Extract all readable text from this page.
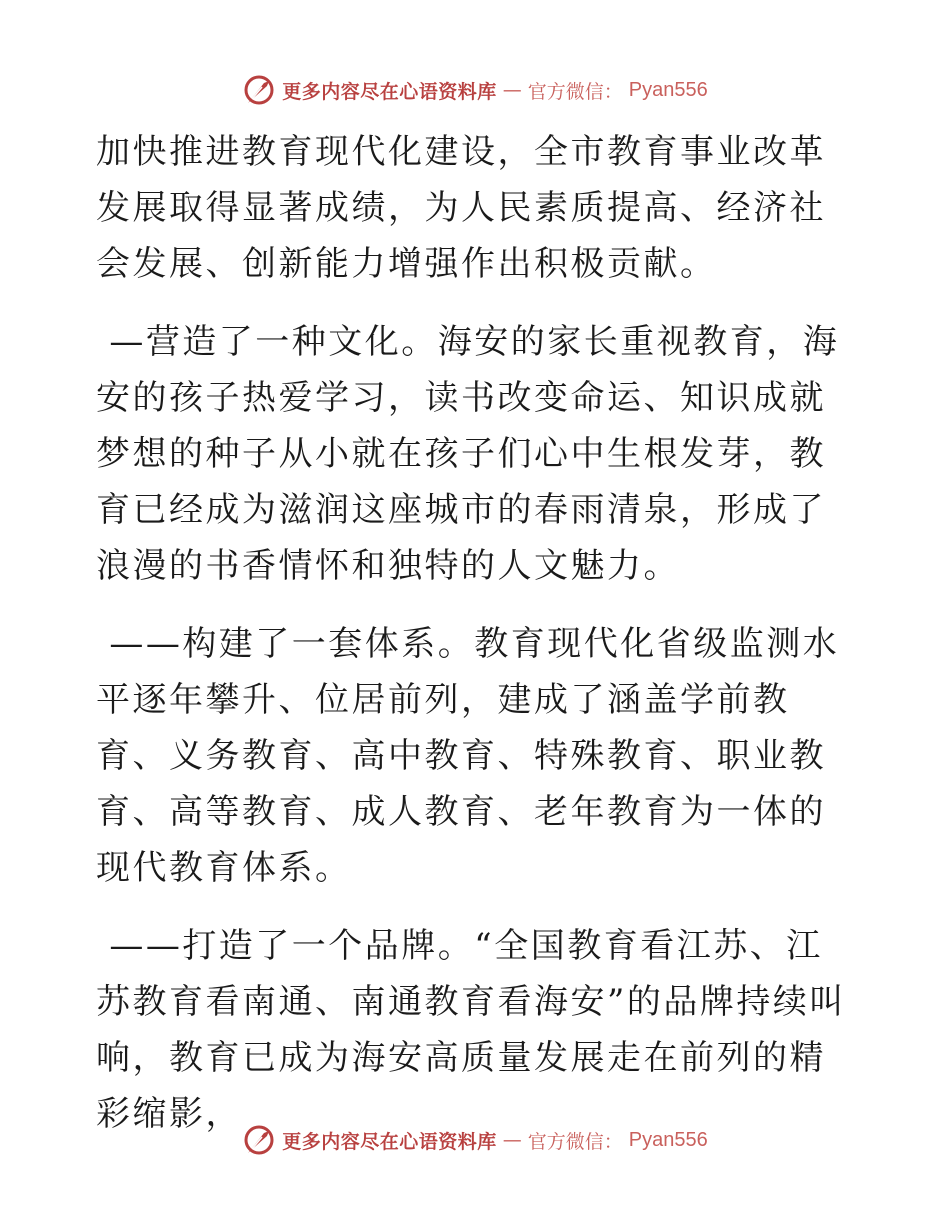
更多内容尽在心语资料库 — 官方微信： Pyan556

加快推进教育现代化建设，全市教育事业改革发展取得显著成绩，为人民素质提高、经济社会发展、创新能力增强作出积极贡献。

—营造了一种文化。海安的家长重视教育，海安的孩子热爱学习，读书改变命运、知识成就梦想的种子从小就在孩子们心中生根发芽，教育已经成为滋润这座城市的春雨清泉，形成了浪漫的书香情怀和独特的人文魅力。

——构建了一套体系。教育现代化省级监测水平逐年攀升、位居前列，建成了涵盖学前教育、义务教育、高中教育、特殊教育、职业教育、高等教育、成人教育、老年教育为一体的现代教育体系。

——打造了一个品牌。“全国教育看江苏、江苏教育看南通、南通教育看海安”的品牌持续叫响，教育已成为海安高质量发展走在前列的精彩缩影，

更多内容尽在心语资料库 — 官方微信： Pyan556
